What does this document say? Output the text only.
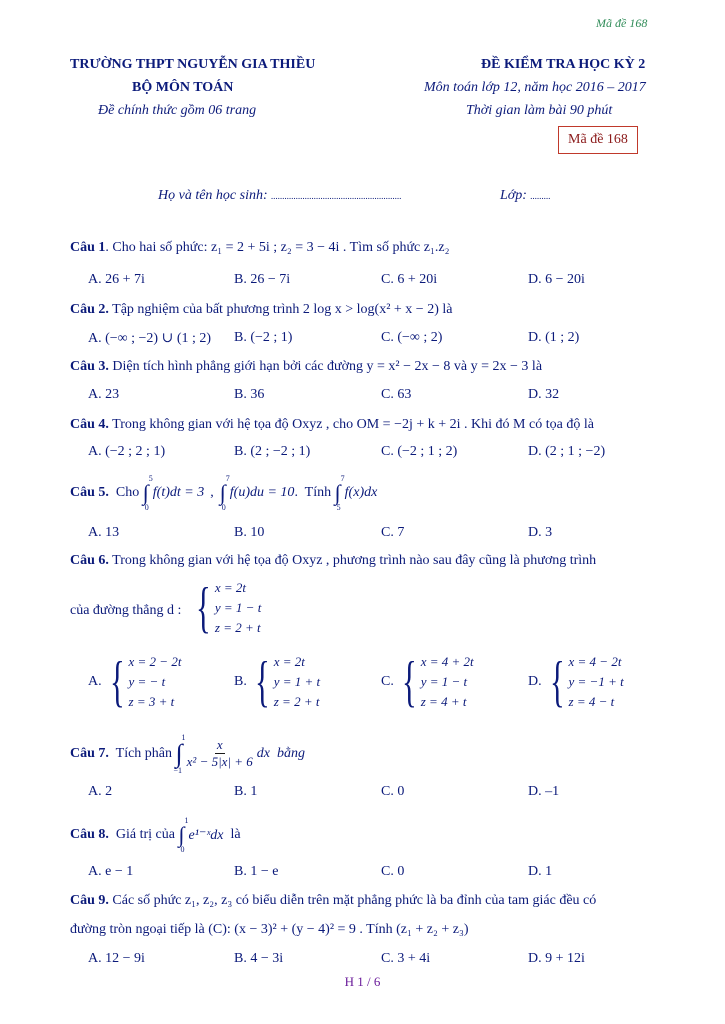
Mã đề 168
TRƯỜNG THPT NGUYỄN GIA THIỀU
BỘ MÔN TOÁN
Đề chính thức gồm 06 trang
ĐỀ KIỂM TRA HỌC KỲ 2
Môn toán lớp 12, năm học 2016 – 2017
Thời gian làm bài 90 phút
Mã đề 168
Họ và tên học sinh: ..........................................................	Lớp: .........
Câu 1. Cho hai số phức: z₁ = 2 + 5i ; z₂ = 3 − 4i . Tìm số phức z₁.z₂
A. 26 + 7i	B. 26 − 7i	C. 6 + 20i	D. 6 − 20i
Câu 2. Tập nghiệm của bất phương trình 2 log x > log(x² + x − 2) là
A. (−∞ ; −2) ∪ (1 ; 2) B. (−2 ; 1)	C. (−∞ ; 2)	D. (1 ; 2)
Câu 3. Diện tích hình phẳng giới hạn bởi các đường y = x² − 2x − 8 và y = 2x − 3 là
A. 23	B. 36	C. 63	D. 32
Câu 4. Trong không gian với hệ tọa độ Oxyz , cho OM = −2j + k + 2i . Khi đó M có tọa độ là
A. (−2 ; 2 ; 1)	B. (2 ; −2 ; 1)	C. (−2 ; 1 ; 2)	D. (2 ; 1 ; −2)
Câu 5. Cho ∫
5
0
f(t)dt = 3 , ∫
7
0
f(u)du = 10 .  Tính ∫
7
5
f(x)dx
A. 13	B. 10	C. 7	D. 3
Câu 6. Trong không gian với hệ tọa độ Oxyz , phương trình nào sau đây cũng là phương trình
của đường thẳng d : { x = 2t
y = 1 − t
z = 2 + t
A. { x = 2 − 2t
y = − t
z = 3 + t
B. { x = 2t
y = 1 + t
z = 2 + t
C. { x = 4 + 2t
y = 1 − t
z = 4 + t
D. { x = 4 − 2t
y = −1 + t
z = 4 − t
Câu 7. Tích phân ∫
1
$-1 \frac{x}{\text{x² − 5|x| + 6}}$ dx  bằng
A. 2	B. 1	C. 0	D. –1
Câu 8. Giá trị của ∫
1
0
e¹⁻ˣdx là
A. e − 1	B. 1 − e	C. 0	D. 1
Câu 9. Các số phức z₁, z₂, z₃ có biểu diễn trên mặt phẳng phức là ba đỉnh của tam giác đều có
đường tròn ngoại tiếp là (C): (x − 3)² + (y − 4)² = 9 . Tính (z₁ + z₂ + z₃)
A. 12 − 9i	B. 4 − 3i	C. 3 + 4i	D. 9 + 12i
H 1 / 6
